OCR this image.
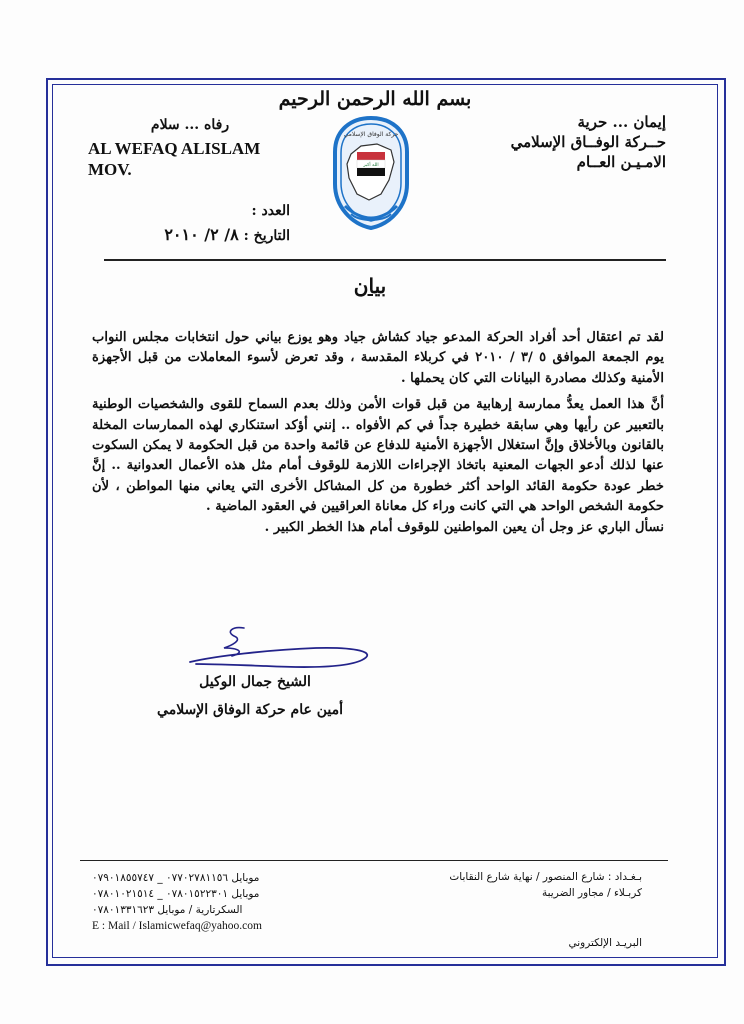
بسم الله الرحمن الرحيم
إيمان ... حرية
حــركة الوفــاق الإسلامي
الامـيـن العــام
رفاه ... سلام
AL WEFAQ ALISLAM
MOV.
العدد :
التاريخ : ٨/ ٢/ ٢٠١٠
حركة الوفاق الإسلامي
الله أكبر
بيان

لقد تم اعتقال أحد أفراد الحركة المدعو جياد كشاش جياد وهو يوزع بياني حول انتخابات مجلس النواب يوم الجمعة الموافق ٥ /٣ / ٢٠١٠ في كربلاء المقدسة ، وقد تعرض لأسوء المعاملات من قبل الأجهزة الأمنية وكذلك مصادرة البيانات التي كان يحملها .

أنَّ هذا العمل يعدُّ ممارسة إرهابية من قبل قوات الأمن وذلك بعدم السماح للقوى والشخصيات الوطنية بالتعبير عن رأيها وهي سابقة خطيرة جداً في كم الأفواه .. إنني أؤكد استنكاري لهذه الممارسات المخلة بالقانون وبالأخلاق وإنَّ استغلال الأجهزة الأمنية للدفاع عن قائمة واحدة من قبل الحكومة لا يمكن السكوت عنها لذلك أدعو الجهات المعنية باتخاذ الإجراءات اللازمة للوقوف أمام مثل هذه الأعمال العدوانية .. إنَّ خطر عودة حكومة القائد الواحد أكثر خطورة من كل المشاكل الأخرى التي يعاني منها المواطن ، لأن حكومة الشخص الواحد هي التي كانت وراء كل معاناة العراقيين في العقود الماضية .

نسأل الباري عز وجل أن يعين المواطنين للوقوف أمام هذا الخطر الكبير .

الشيخ جمال الوكيل
أمين عام حركة الوفاق الإسلامي
بـغـداد : شارع المنصور / نهاية شارع النقابات
كربـلاء / مجاور الضريبة
البريـد الإلكتروني
موبايل ٠٧٧٠٢٧٨١١٥٦ _ ٠٧٩٠١٨٥٥٧٤٧
موبايل ٠٧٨٠١٥٢٢٣٠١ _ ٠٧٨٠١٠٢١٥١٤
السكرتارية / موبايل ٠٧٨٠١٣٣١٦٢٣
E : Mail / Islamicwefaq@yahoo.com
